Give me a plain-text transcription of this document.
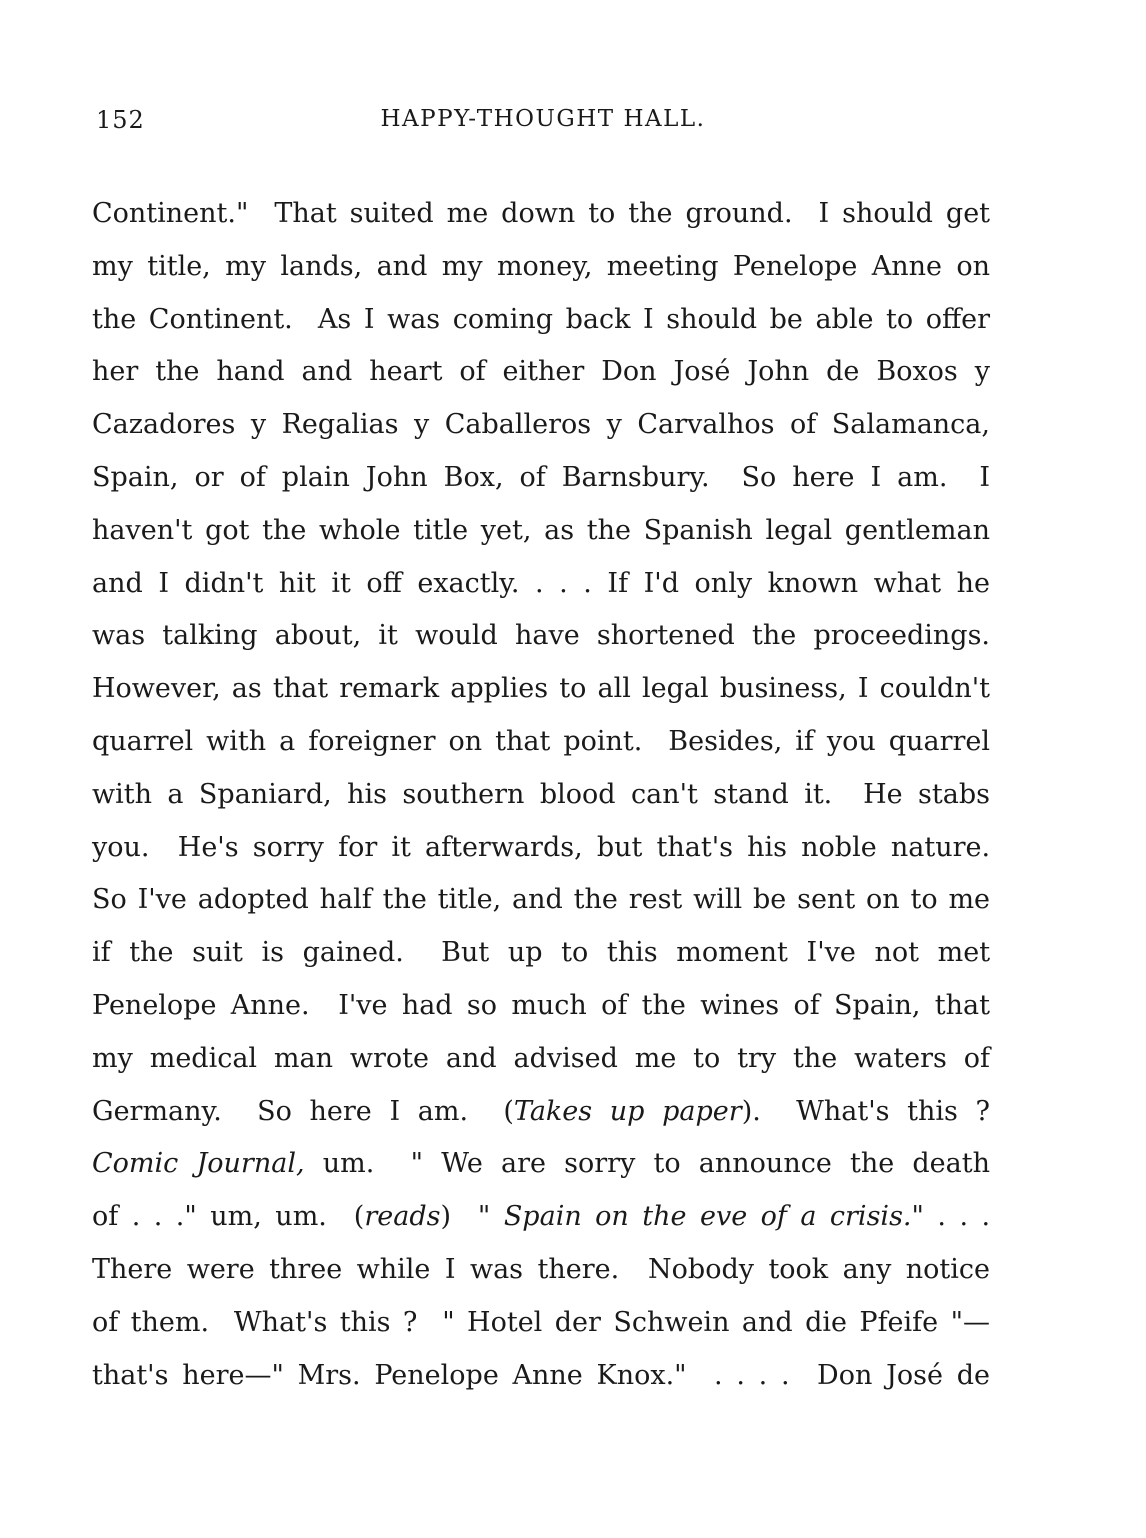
152	HAPPY-THOUGHT HALL.
Continent."  That suited me down to the ground.  I should get
my title, my lands, and my money, meeting Penelope Anne on
the Continent.  As I was coming back I should be able to offer
her the hand and heart of either Don José John de Boxos y
Cazadores y Regalias y Caballeros y Carvalhos of Salamanca,
Spain, or of plain John Box, of Barnsbury.  So here I am.  I
haven't got the whole title yet, as the Spanish legal gentleman
and I didn't hit it off exactly. . . . If I'd only known what he
was talking about, it would have shortened the proceedings.
However, as that remark applies to all legal business, I couldn't
quarrel with a foreigner on that point.  Besides, if you quarrel
with a Spaniard, his southern blood can't stand it.  He stabs
you.  He's sorry for it afterwards, but that's his noble nature.
So I've adopted half the title, and the rest will be sent on to me
if the suit is gained.  But up to this moment I've not met
Penelope Anne.  I've had so much of the wines of Spain, that
my medical man wrote and advised me to try the waters of
Germany.  So here I am.  (Takes up paper).  What's this ?
Comic Journal, um.  " We are sorry to announce the death
of . . ." um, um.  (reads)  " Spain on the eve of a crisis." . . .
There were three while I was there.  Nobody took any notice
of them.  What's this ?  " Hotel der Schwein and die Pfeife "—
that's here—" Mrs. Penelope Anne Knox."  . . . .  Don José de
